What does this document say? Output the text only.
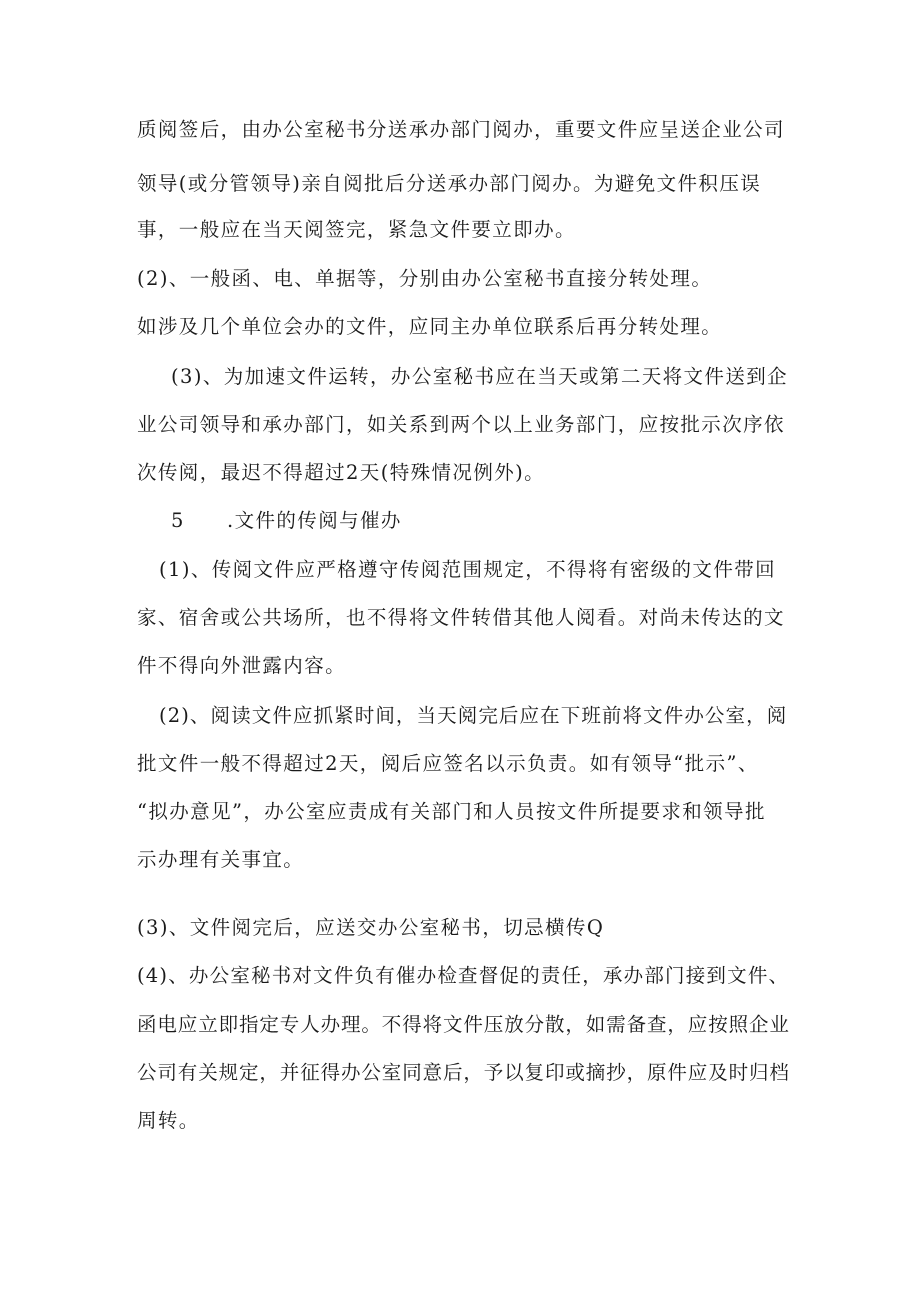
质阅签后，由办公室秘书分送承办部门阅办，重要文件应呈送企业公司
领导(或分管领导)亲自阅批后分送承办部门阅办。为避免文件积压误
事，一般应在当天阅签完，紧急文件要立即办。
(2)、一般函、电、单据等，分别由办公室秘书直接分转处理。
如涉及几个单位会办的文件，应同主办单位联系后再分转处理。
(3)、为加速文件运转，办公室秘书应在当天或第二天将文件送到企
业公司领导和承办部门，如关系到两个以上业务部门，应按批示次序依
次传阅，最迟不得超过2天(特殊情况例外)。
5 .文件的传阅与催办
(1)、传阅文件应严格遵守传阅范围规定，不得将有密级的文件带回
家、宿舍或公共场所，也不得将文件转借其他人阅看。对尚未传达的文
件不得向外泄露内容。
(2)、阅读文件应抓紧时间，当天阅完后应在下班前将文件办公室，阅
批文件一般不得超过2天，阅后应签名以示负责。如有领导“批示”、
“拟办意见”，办公室应责成有关部门和人员按文件所提要求和领导批
示办理有关事宜。
(3)、文件阅完后，应送交办公室秘书，切忌横传Q
(4)、办公室秘书对文件负有催办检查督促的责任，承办部门接到文件、
函电应立即指定专人办理。不得将文件压放分散，如需备查，应按照企业
公司有关规定，并征得办公室同意后，予以复印或摘抄，原件应及时归档
周转。
